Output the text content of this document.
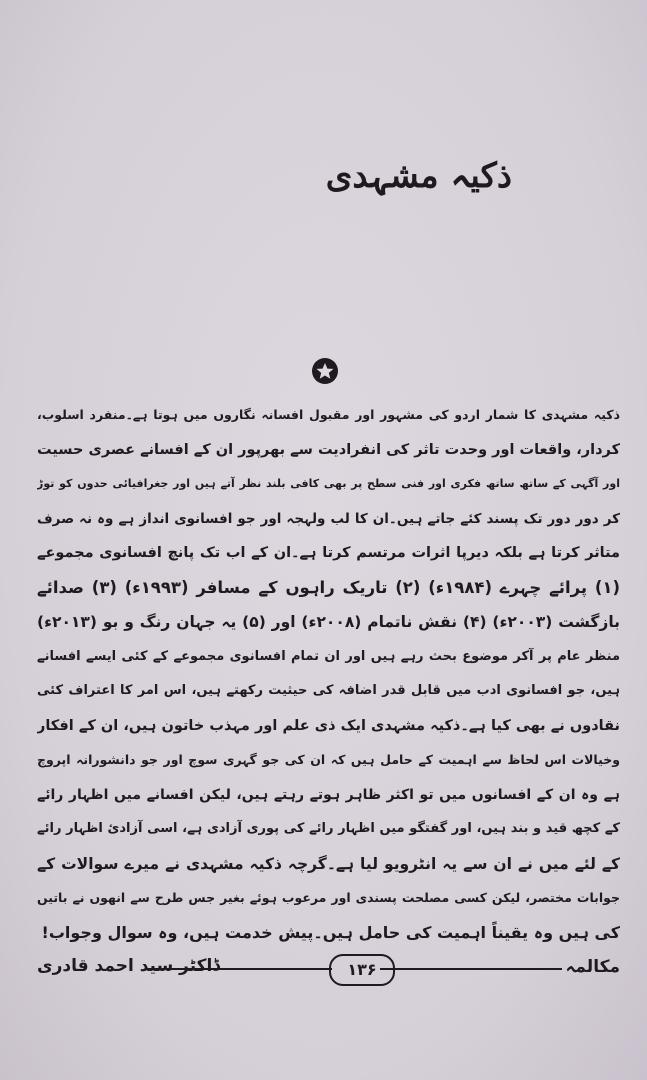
ذکیہ مشہدی
ذکیہ مشہدی کا شمار اردو کی مشہور اور مقبول افسانہ نگاروں میں ہوتا ہے۔منفرد اسلوب،
کردار، واقعات اور وحدت تاثر کی انفرادیت سے بھرپور ان کے افسانے عصری حسیت
اور آگہی کے ساتھ ساتھ فکری اور فنی سطح پر بھی کافی بلند نظر آتے ہیں اور جغرافیائی حدوں کو توڑ
کر دور دور تک پسند کئے جاتے ہیں۔ان کا لب ولہجہ اور جو افسانوی انداز ہے وہ نہ صرف
متاثر کرتا ہے بلکہ دیرپا اثرات مرتسم کرتا ہے۔ان کے اب تک پانچ افسانوی مجموعے
(۱) پرائے چہرے (۱۹۸۴ء) (۲) تاریک راہوں کے مسافر (۱۹۹۳ء) (۳) صدائے
بازگشت (۲۰۰۳ء) (۴) نقش ناتمام (۲۰۰۸ء) اور (۵) یہ جہان رنگ و بو (۲۰۱۳ء)
منظر عام پر آکر موضوع بحث رہے ہیں اور ان تمام افسانوی مجموعے کے کئی ایسے افسانے
ہیں، جو افسانوی ادب میں قابل قدر اضافہ کی حیثیت رکھتے ہیں، اس امر کا اعتراف کئی
نقادوں نے بھی کیا ہے۔ذکیہ مشہدی ایک ذی علم اور مہذب خاتون ہیں، ان کے افکار
وخیالات اس لحاظ سے اہمیت کے حامل ہیں کہ ان کی جو گہری سوچ اور جو دانشورانہ اپروچ
ہے وہ ان کے افسانوں میں تو اکثر ظاہر ہوتے رہتے ہیں، لیکن افسانے میں اظہار رائے
کے کچھ قید و بند ہیں، اور گفتگو میں اظہار رائے کی پوری آزادی ہے، اسی آزادئ اظہار رائے
کے لئے میں نے ان سے یہ انٹرویو لیا ہے۔گرچہ ذکیہ مشہدی نے میرے سوالات کے
جوابات مختصر، لیکن کسی مصلحت پسندی اور مرعوب ہوئے بغیر جس طرح سے انھوں نے باتیں
کی ہیں وہ یقیناً اہمیت کی حامل ہیں۔پیش خدمت ہیں، وہ سوال وجواب!
مکالمہ
۱۳۶
ڈاکٹر سید احمد قادری
